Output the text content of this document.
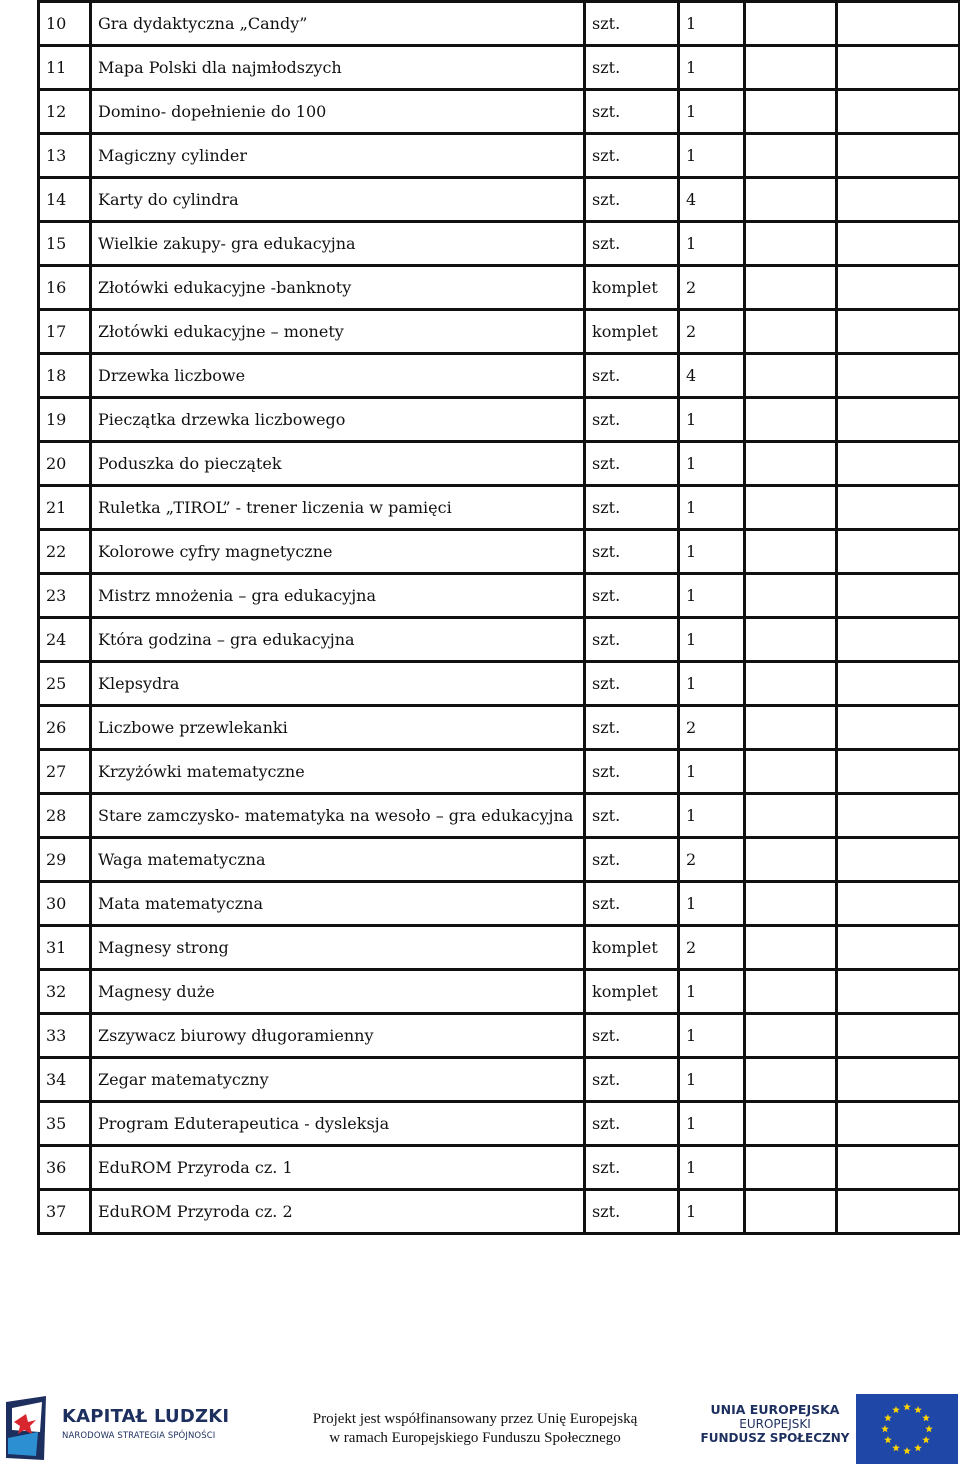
10	Gra dydaktyczna „Candy”	szt.	1		
11	Mapa Polski dla najmłodszych	szt.	1		
12	Domino- dopełnienie do 100	szt.	1		
13	Magiczny cylinder	szt.	1		
14	Karty do cylindra	szt.	4		
15	Wielkie zakupy- gra edukacyjna	szt.	1		
16	Złotówki edukacyjne -banknoty	komplet	2		
17	Złotówki edukacyjne – monety	komplet	2		
18	Drzewka liczbowe	szt.	4		
19	Pieczątka drzewka liczbowego	szt.	1		
20	Poduszka do pieczątek	szt.	1		
21	Ruletka „TIROL” - trener liczenia w pamięci	szt.	1		
22	Kolorowe cyfry magnetyczne	szt.	1		
23	Mistrz mnożenia – gra edukacyjna	szt.	1		
24	Która godzina – gra edukacyjna	szt.	1		
25	Klepsydra	szt.	1		
26	Liczbowe przewlekanki	szt.	2		
27	Krzyżówki matematyczne	szt.	1		
28	Stare zamczysko- matematyka na wesoło – gra edukacyjna	szt.	1		
29	Waga matematyczna	szt.	2		
30	Mata matematyczna	szt.	1		
31	Magnesy strong	komplet	2		
32	Magnesy duże	komplet	1		
33	Zszywacz biurowy długoramienny	szt.	1		
34	Zegar matematyczny	szt.	1		
35	Program Eduterapeutica - dysleksja	szt.	1		
36	EduROM Przyroda cz. 1	szt.	1		
37	EduROM Przyroda cz. 2	szt.	1		
KAPITAŁ LUDZKI
NARODOWA STRATEGIA SPÓJNOŚCI
Projekt jest współfinansowany przez Unię Europejską
w ramach Europejskiego Funduszu Społecznego
UNIA EUROPEJSKA
EUROPEJSKI
FUNDUSZ SPOŁECZNY
